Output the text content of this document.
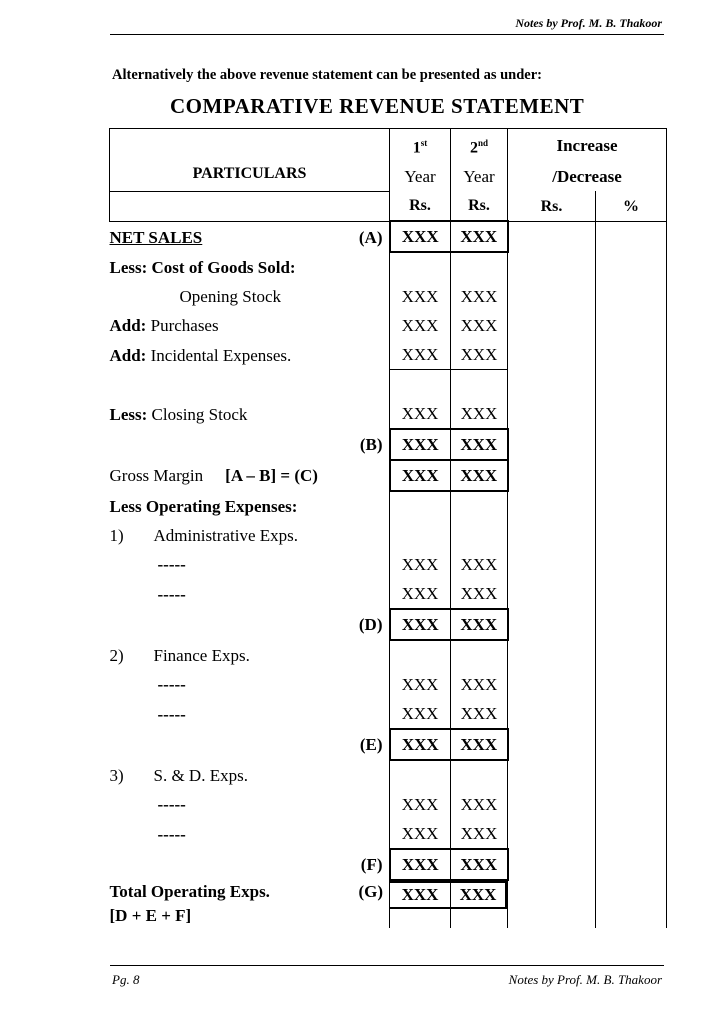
Notes by Prof. M. B. Thakoor
Alternatively the above revenue statement can be presented as under:
COMPARATIVE REVENUE STATEMENT
PARTICULARS	1st	2nd	Increase	
	Year	Year	/Decrease	
	Rs.	Rs.	Rs.	%

NET SALES (A)	XXX	XXX		
Less: Cost of Goods Sold:				
Opening Stock	XXX	XXX		
Add: Purchases	XXX	XXX		
Add: Incidental Expenses.	XXX	XXX		

Less: Closing Stock	XXX	XXX		
(B)	XXX	XXX		
Gross Margin [A – B] = (C)	XXX	XXX		
Less Operating Expenses:				
1) Administrative Exps.				
-----	XXX	XXX		
-----	XXX	XXX		
(D)	XXX	XXX		
2) Finance Exps.				
-----	XXX	XXX		
-----	XXX	XXX		
(E)	XXX	XXX		
3) S. & D. Exps.				
-----	XXX	XXX		
-----	XXX	XXX		
(F)	XXX	XXX		

Total Operating Exps. (G)
[D + E + F]	XXX	XXX		

Pg. 8	Notes by Prof. M. B. Thakoor
